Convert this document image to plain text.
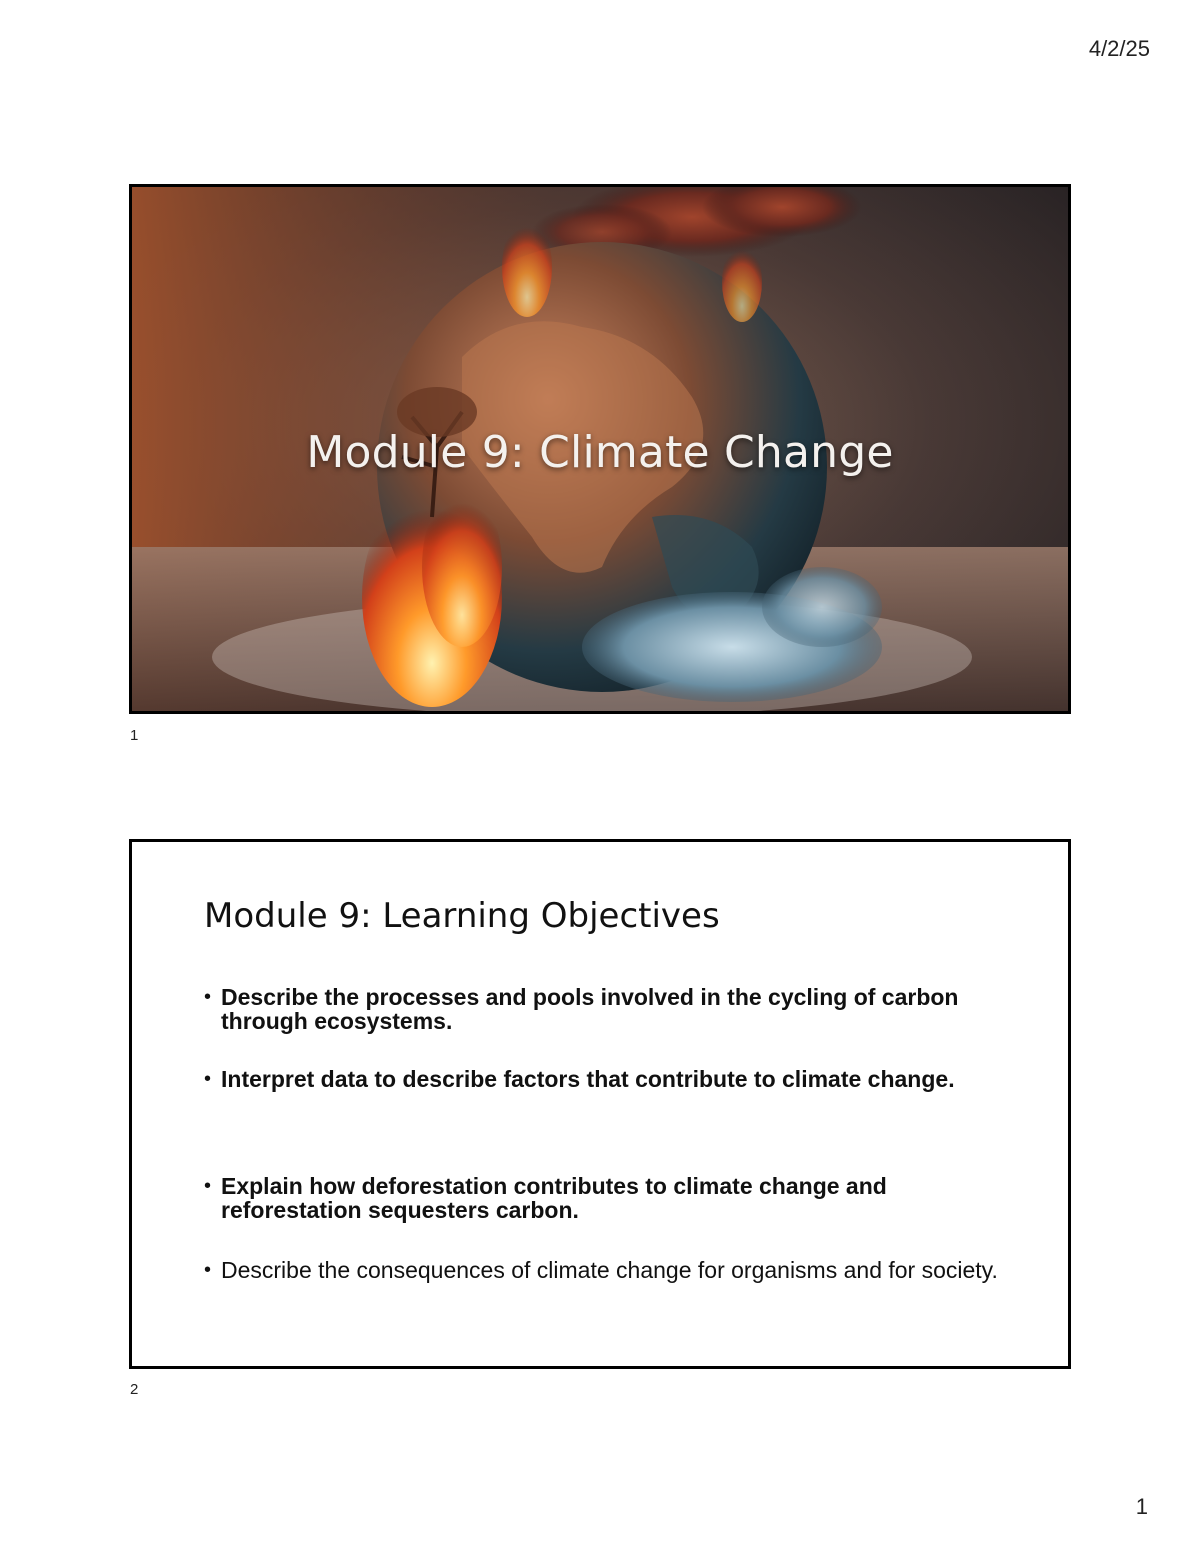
4/2/25
Module 9: Climate Change
1
Module 9: Learning Objectives
• Describe the processes and pools involved in the cycling of carbon through ecosystems.
• Interpret data to describe factors that contribute to climate change.
• Explain how deforestation contributes to climate change and reforestation sequesters carbon.
• Describe the consequences of climate change for organisms and for society.
2
1
